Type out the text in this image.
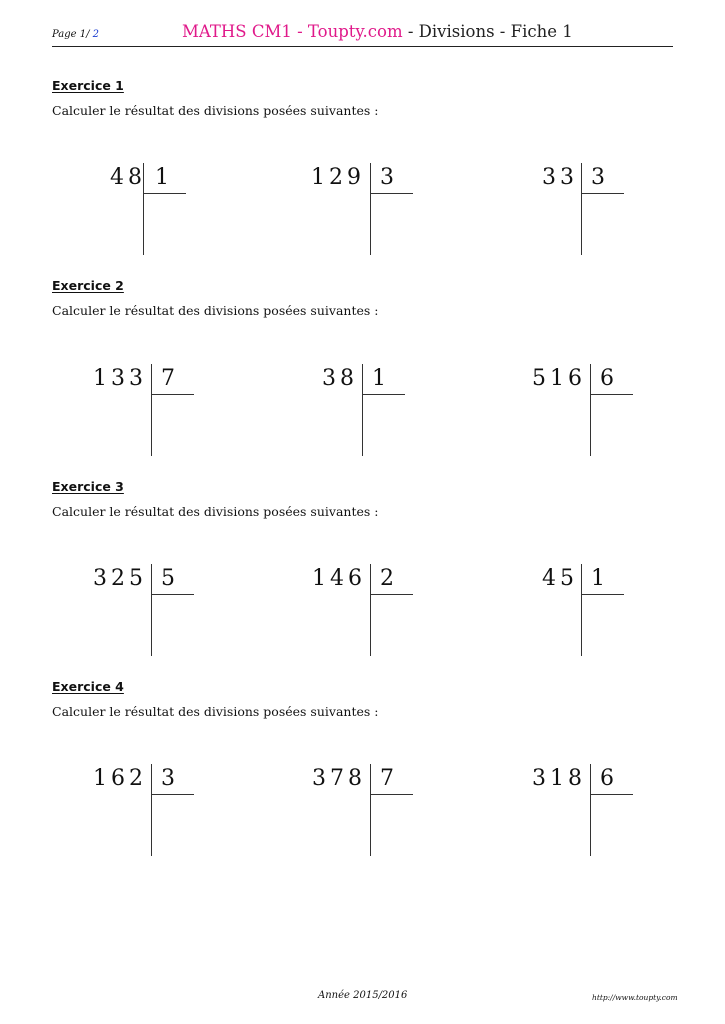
Page 1/ 2	MATHS CM1 - Toupty.com - Divisions - Fiche 1
Exercice 1
Calculer le résultat des divisions posées suivantes :
48 1	129 3	33 3
Exercice 2
Calculer le résultat des divisions posées suivantes :
133 7	38 1	516 6
Exercice 3
Calculer le résultat des divisions posées suivantes :
325 5	146 2	45 1
Exercice 4
Calculer le résultat des divisions posées suivantes :
162 3	378 7	318 6
Année 2015/2016	http://www.toupty.com
